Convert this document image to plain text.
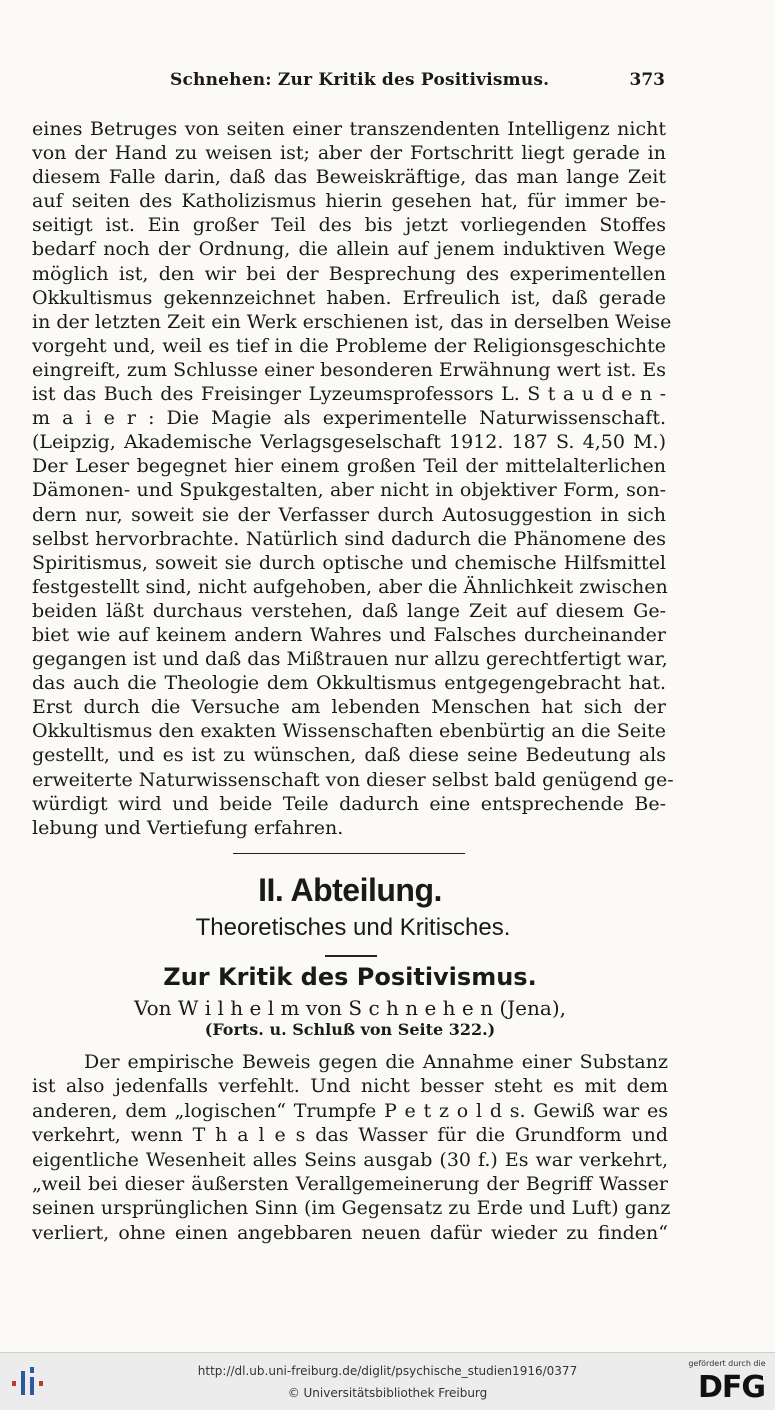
Schnehen: Zur Kritik des Positivismus.	373
eines Betruges von seiten einer transzendenten Intelligenz nicht
von der Hand zu weisen ist; aber der Fortschritt liegt gerade in
diesem Falle darin, daß das Beweiskräftige, das man lange Zeit
auf seiten des Katholizismus hierin gesehen hat, für immer be-
seitigt ist. Ein großer Teil des bis jetzt vorliegenden Stoffes
bedarf noch der Ordnung, die allein auf jenem induktiven Wege
möglich ist, den wir bei der Besprechung des experimentellen
Okkultismus gekennzeichnet haben. Erfreulich ist, daß gerade
in der letzten Zeit ein Werk erschienen ist, das in derselben Weise
vorgeht und, weil es tief in die Probleme der Religionsgeschichte
eingreift, zum Schlusse einer besonderen Erwähnung wert ist. Es
ist das Buch des Freisinger Lyzeumsprofessors L. S t a u d e n -
m a i e r : Die Magie als experimentelle Naturwissenschaft.
(Leipzig, Akademische Verlagsgeselschaft 1912. 187 S. 4,50 M.)
Der Leser begegnet hier einem großen Teil der mittelalterlichen
Dämonen- und Spukgestalten, aber nicht in objektiver Form, son-
dern nur, soweit sie der Verfasser durch Autosuggestion in sich
selbst hervorbrachte. Natürlich sind dadurch die Phänomene des
Spiritismus, soweit sie durch optische und chemische Hilfsmittel
festgestellt sind, nicht aufgehoben, aber die Ähnlichkeit zwischen
beiden läßt durchaus verstehen, daß lange Zeit auf diesem Ge-
biet wie auf keinem andern Wahres und Falsches durcheinander
gegangen ist und daß das Mißtrauen nur allzu gerechtfertigt war,
das auch die Theologie dem Okkultismus entgegengebracht hat.
Erst durch die Versuche am lebenden Menschen hat sich der
Okkultismus den exakten Wissenschaften ebenbürtig an die Seite
gestellt, und es ist zu wünschen, daß diese seine Bedeutung als
erweiterte Naturwissenschaft von dieser selbst bald genügend ge-
würdigt wird und beide Teile dadurch eine entsprechende Be-
lebung und Vertiefung erfahren.
II. Abteilung.
Theoretisches und Kritisches.
Zur Kritik des Positivismus.
Von W i l h e l m von S c h n e h e n (Jena),
(Forts. u. Schluß von Seite 322.)
Der empirische Beweis gegen die Annahme einer Substanz
ist also jedenfalls verfehlt. Und nicht besser steht es mit dem
anderen, dem „logischen“ Trumpfe P e t z o l d s. Gewiß war es
verkehrt, wenn T h a l e s das Wasser für die Grundform und
eigentliche Wesenheit alles Seins ausgab (30 f.) Es war verkehrt,
„weil bei dieser äußersten Verallgemeinerung der Begriff Wasser
seinen ursprünglichen Sinn (im Gegensatz zu Erde und Luft) ganz
verliert, ohne einen angebbaren neuen dafür wieder zu finden“
http://dl.ub.uni-freiburg.de/diglit/psychische_studien1916/0377
© Universitätsbibliothek Freiburg
gefördert durch die
DFG
